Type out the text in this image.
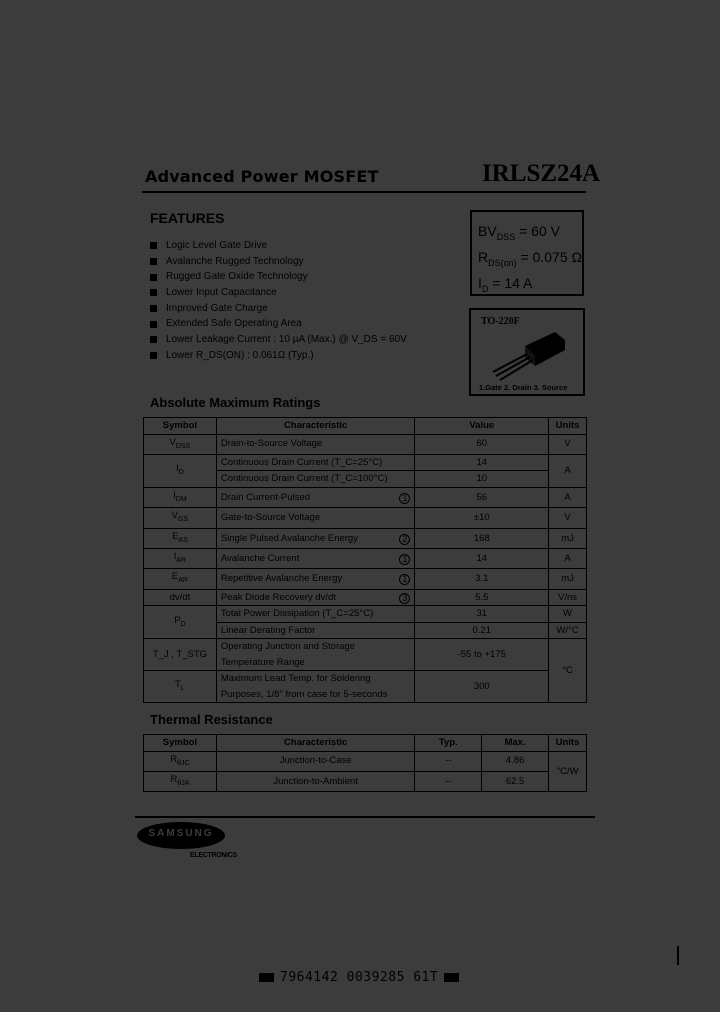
Advanced Power MOSFET	IRLSZ24A
FEATURES
Logic Level Gate Drive
Avalanche Rugged Technology
Rugged Gate Oxide Technology
Lower Input Capacitance
Improved Gate Charge
Extended Safe Operating Area
Lower Leakage Current : 10 µA (Max.) @ V_DS = 60V
Lower R_DS(ON) : 0.061Ω (Typ.)
$BV_{DSS} = 60$ V
$R_{DS(on)} = 0.075$ Ω
$I_D = 14$ A
TO-220F
1.Gate 2. Drain 3. Source
Absolute Maximum Ratings
Symbol	Characteristic	Value	Units
$V_{DSS}$	Drain-to-Source Voltage	60	V
$I_D$	Continuous Drain Current (T_C=25°C)	14	A
	Continuous Drain Current (T_C=100°C)	10	
$I_{DM}$	Drain Current-Pulsed 1	56	A
$V_{GS}$	Gate-to-Source Voltage	±10	V
$E_{AS}$	Single Pulsed Avalanche Energy 2	168	mJ
$I_{AR}$	Avalanche Current 1	14	A
$E_{AR}$	Repetitive Avalanche Energy 1	3.1	mJ
dv/dt	Peak Diode Recovery dv/dt 3	5.5	V/ns
$P_D$	Total Power Dissipation (T_C=25°C)	31	W
	Linear Derating Factor	0.21	W/°C
T_J , T_STG	Operating Junction and Storage Temperature Range	-55 to +175	°C
$T_L$	Maximum Lead Temp. for Soldering Purposes, 1/8" from case for 5-seconds	300	
Thermal Resistance
Symbol	Characteristic	Typ.	Max.	Units
$R_{\theta JC}$	Junction-to-Case	--	4.86	°C/W
$R_{\theta JA}$	Junction-to-Ambient	--	62.5	
SAMSUNG
ELECTRONICS
7964142 0039285 61T
